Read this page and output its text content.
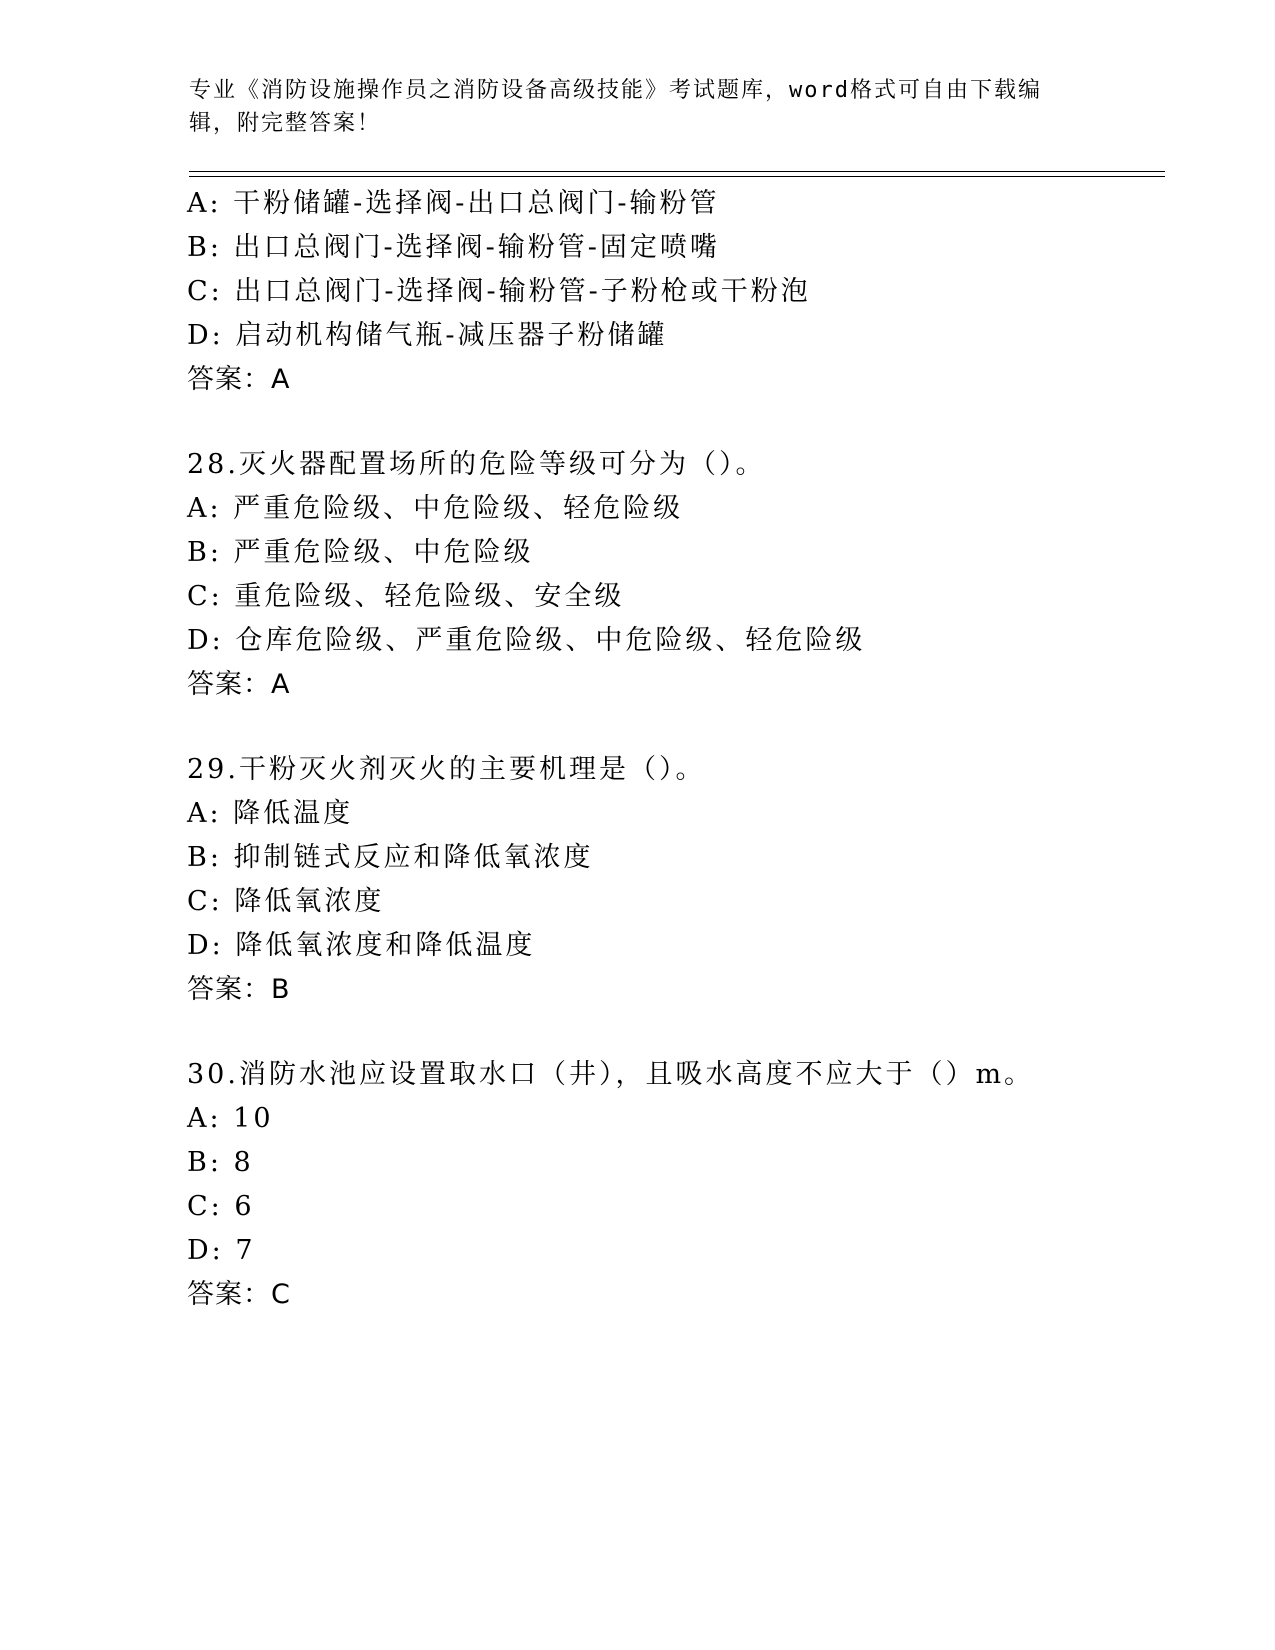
专业《消防设施操作员之消防设备高级技能》考试题库，word格式可自由下载编辑，附完整答案！
A: 干粉储罐-选择阀-出口总阀门-输粉管
B: 出口总阀门-选择阀-输粉管-固定喷嘴
C: 出口总阀门-选择阀-输粉管-子粉枪或干粉泡
D: 启动机构储气瓶-减压器子粉储罐
答案：A
28.灭火器配置场所的危险等级可分为（）。
A: 严重危险级、中危险级、轻危险级
B: 严重危险级、中危险级
C: 重危险级、轻危险级、安全级
D: 仓库危险级、严重危险级、中危险级、轻危险级
答案：A
29.干粉灭火剂灭火的主要机理是（）。
A: 降低温度
B: 抑制链式反应和降低氧浓度
C: 降低氧浓度
D: 降低氧浓度和降低温度
答案：B
30.消防水池应设置取水口（井），且吸水高度不应大于（）m。
A: 10
B: 8
C: 6
D: 7
答案：C
